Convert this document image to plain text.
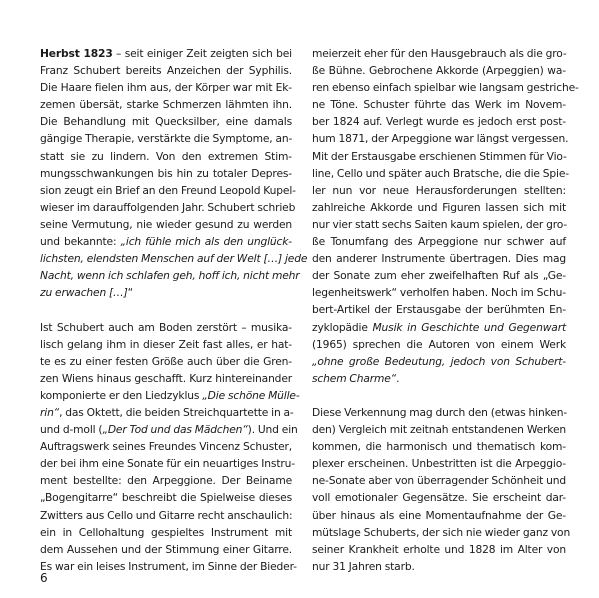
Herbst 1823 – seit einiger Zeit zeigten sich bei
Franz Schubert bereits Anzeichen der Syphilis.
Die Haare fielen ihm aus, der Körper war mit Ek-
zemen übersät, starke Schmerzen lähmten ihn.
Die Behandlung mit Quecksilber, eine damals
gängige Therapie, verstärkte die Symptome, an-
statt sie zu lindern. Von den extremen Stim-
mungsschwankungen bis hin zu totaler Depres-
sion zeugt ein Brief an den Freund Leopold Kupel-
wieser im darauffolgenden Jahr. Schubert schrieb
seine Vermutung, nie wieder gesund zu werden
und bekannte: „ich fühle mich als den unglück-
lichsten, elendsten Menschen auf der Welt […] jede
Nacht, wenn ich schlafen geh, hoff ich, nicht mehr
zu erwachen […]“
Ist Schubert auch am Boden zerstört – musika-
lisch gelang ihm in dieser Zeit fast alles, er hat-
te es zu einer festen Größe auch über die Gren-
zen Wiens hinaus geschafft. Kurz hintereinander
komponierte er den Liedzyklus „Die schöne Mülle-
rin“, das Oktett, die beiden Streichquartette in a-
und d-moll („Der Tod und das Mädchen“). Und ein
Auftragswerk seines Freundes Vincenz Schuster,
der bei ihm eine Sonate für ein neuartiges Instru-
ment bestellte: den Arpeggione. Der Beiname
„Bogengitarre“ beschreibt die Spielweise dieses
Zwitters aus Cello und Gitarre recht anschaulich:
ein in Cellohaltung gespieltes Instrument mit
dem Aussehen und der Stimmung einer Gitarre.
Es war ein leises Instrument, im Sinne der Bieder-
meierzeit eher für den Hausgebrauch als die gro-
ße Bühne. Gebrochene Akkorde (Arpeggien) wa-
ren ebenso einfach spielbar wie langsam gestriche-
ne Töne. Schuster führte das Werk im Novem-
ber 1824 auf. Verlegt wurde es jedoch erst post-
hum 1871, der Arpeggione war längst vergessen.
Mit der Erstausgabe erschienen Stimmen für Vio-
line, Cello und später auch Bratsche, die die Spie-
ler nun vor neue Herausforderungen stellten:
zahlreiche Akkorde und Figuren lassen sich mit
nur vier statt sechs Saiten kaum spielen, der gro-
ße Tonumfang des Arpeggione nur schwer auf
den anderer Instrumente übertragen. Dies mag
der Sonate zum eher zweifelhaften Ruf als „Ge-
legenheitswerk“ verholfen haben. Noch im Schu-
bert-Artikel der Erstausgabe der berühmten En-
zyklopädie Musik in Geschichte und Gegenwart
(1965) sprechen die Autoren von einem Werk
„ohne große Bedeutung, jedoch von Schubert-
schem Charme“.
Diese Verkennung mag durch den (etwas hinken-
den) Vergleich mit zeitnah entstandenen Werken
kommen, die harmonisch und thematisch kom-
plexer erscheinen. Unbestritten ist die Arpeggio-
ne-Sonate aber von überragender Schönheit und
voll emotionaler Gegensätze. Sie erscheint dar-
über hinaus als eine Momentaufnahme der Ge-
mütslage Schuberts, der sich nie wieder ganz von
seiner Krankheit erholte und 1828 im Alter von
nur 31 Jahren starb.
6
